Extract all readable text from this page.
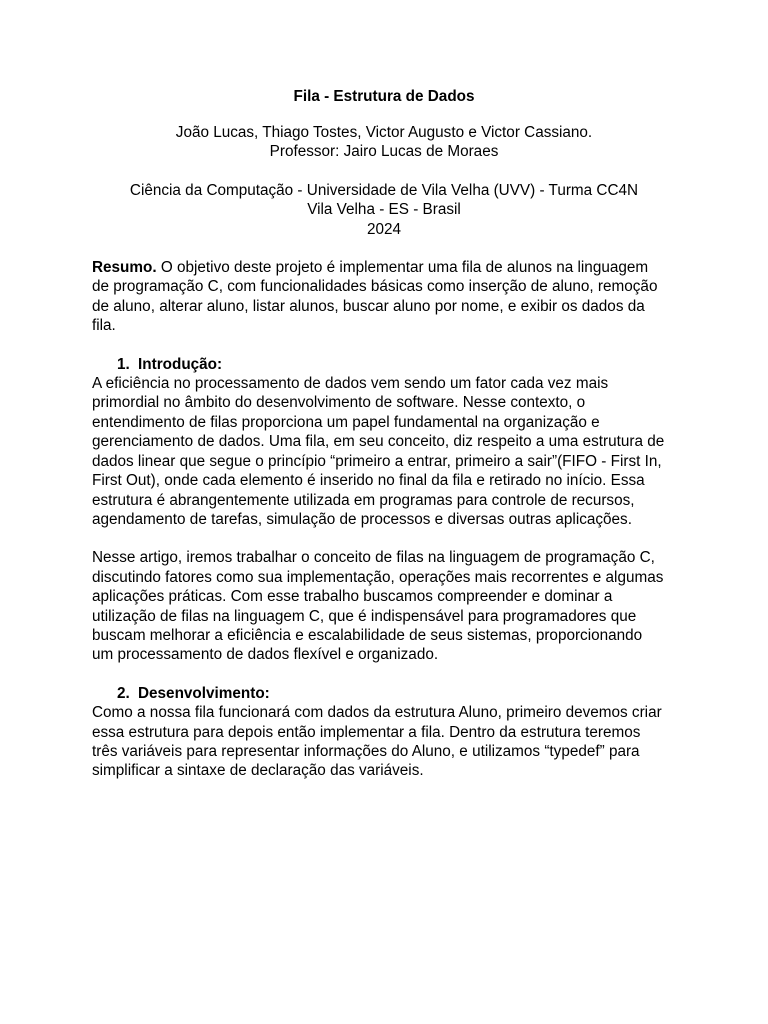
Fila - Estrutura de Dados
João Lucas, Thiago Tostes, Victor Augusto e Victor Cassiano.
Professor: Jairo Lucas de Moraes
Ciência da Computação - Universidade de Vila Velha (UVV) - Turma CC4N
Vila Velha - ES - Brasil
2024
Resumo. O objetivo deste projeto é implementar uma fila de alunos na linguagem
de programação C, com funcionalidades básicas como inserção de aluno, remoção
de aluno, alterar aluno, listar alunos, buscar aluno por nome, e exibir os dados da
fila.
1. Introdução:
A eficiência no processamento de dados vem sendo um fator cada vez mais
primordial no âmbito do desenvolvimento de software. Nesse contexto, o
entendimento de filas proporciona um papel fundamental na organização e
gerenciamento de dados. Uma fila, em seu conceito, diz respeito a uma estrutura de
dados linear que segue o princípio “primeiro a entrar, primeiro a sair”(FIFO - First In,
First Out), onde cada elemento é inserido no final da fila e retirado no início. Essa
estrutura é abrangentemente utilizada em programas para controle de recursos,
agendamento de tarefas, simulação de processos e diversas outras aplicações.
Nesse artigo, iremos trabalhar o conceito de filas na linguagem de programação C,
discutindo fatores como sua implementação, operações mais recorrentes e algumas
aplicações práticas. Com esse trabalho buscamos compreender e dominar a
utilização de filas na linguagem C, que é indispensável para programadores que
buscam melhorar a eficiência e escalabilidade de seus sistemas, proporcionando
um processamento de dados flexível e organizado.
2. Desenvolvimento:
Como a nossa fila funcionará com dados da estrutura Aluno, primeiro devemos criar
essa estrutura para depois então implementar a fila. Dentro da estrutura teremos
três variáveis para representar informações do Aluno, e utilizamos “typedef” para
simplificar a sintaxe de declaração das variáveis.
